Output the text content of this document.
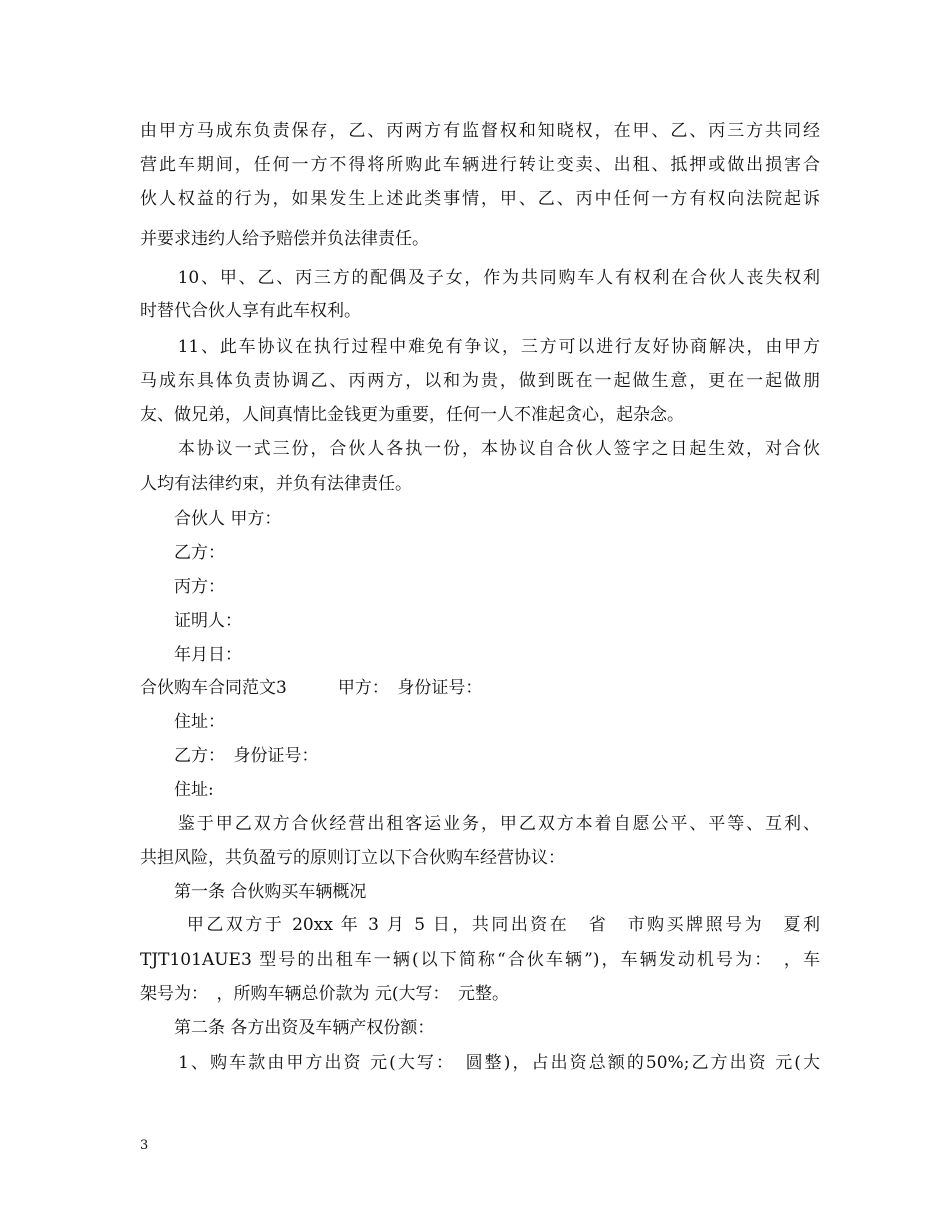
由甲方马成东负责保存，乙、丙两方有监督权和知晓权，在甲、乙、丙三方共同经
营此车期间，任何一方不得将所购此车辆进行转让变卖、出租、抵押或做出损害合
伙人权益的行为，如果发生上述此类事情，甲、乙、丙中任何一方有权向法院起诉
并要求违约人给予赔偿并负法律责任。
　　10、甲、乙、丙三方的配偶及子女，作为共同购车人有权利在合伙人丧失权利
时替代合伙人享有此车权利。
　　11、此车协议在执行过程中难免有争议，三方可以进行友好协商解决，由甲方
马成东具体负责协调乙、丙两方，以和为贵，做到既在一起做生意，更在一起做朋
友、做兄弟，人间真情比金钱更为重要，任何一人不准起贪心，起杂念。
　　本协议一式三份，合伙人各执一份，本协议自合伙人签字之日起生效，对合伙
人均有法律约束，并负有法律责任。
　　合伙人 甲方：
　　乙方：
　　丙方：
　　证明人：
　　年月日：
合伙购车合同范文3　　　甲方：　身份证号：
　　住址：
　　乙方：　身份证号：
　　住址:
　　鉴于甲乙双方合伙经营出租客运业务，甲乙双方本着自愿公平、平等、互利、
共担风险，共负盈亏的原则订立以下合伙购车经营协议：
　　第一条 合伙购买车辆概况
　　 甲乙双方于 20xx 年 3 月 5 日，共同出资在　省　市购买牌照号为　夏利
TJT101AUE3 型号的出租车一辆(以下简称“合伙车辆”)，车辆发动机号为：　，车
架号为：　，所购车辆总价款为 元(大写：　元整。
　　第二条 各方出资及车辆产权份额：
　　1、购车款由甲方出资 元(大写：　圆整)，占出资总额的50%;乙方出资 元(大
3
